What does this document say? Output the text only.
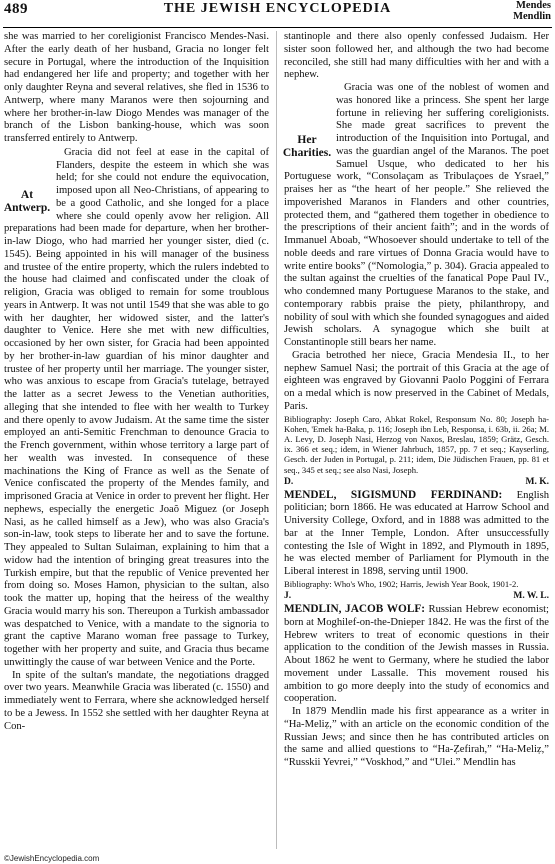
489	THE JEWISH ENCYCLOPEDIA	Mendes
Mendlin

she was married to her coreligionist Francisco Mendes-Nasi. After the early death of her husband, Gracia no longer felt secure in Portugal, where the introduction of the Inquisition had endangered her life and property; and together with her only daughter Reyna and several relatives, she fled in 1536 to Antwerp, where many Maranos were then sojourning and where her brother-in-law Diogo Mendes was manager of the branch of the Lisbon banking-house, which was soon transferred entirely to Antwerp.

At Antwerp.
Gracia did not feel at ease in the capital of Flanders, despite the esteem in which she was held; for she could not endure the equivocation, imposed upon all Neo-Christians, of appearing to be a good Catholic, and she longed for a place where she could openly avow her religion. All preparations had been made for departure, when her brother-in-law Diogo, who had married her younger sister, died (c. 1545). Being appointed in his will manager of the business and trustee of the entire property, which the rulers indebted to the house had claimed and confiscated under the cloak of religion, Gracia was obliged to remain for some troublous years in Antwerp. It was not until 1549 that she was able to go with her daughter, her widowed sister, and the latter's daughter to Venice. Here she met with new difficulties, occasioned by her own sister, for Gracia had been appointed by her brother-in-law guardian of his minor daughter and trustee of her property until her marriage. The younger sister, who was anxious to escape from Gracia's tutelage, betrayed the latter as a secret Jewess to the Venetian authorities, alleging that she intended to flee with her wealth to Turkey and there openly to avow Judaism. At the same time the sister employed an anti-Semitic Frenchman to denounce Gracia to the French government, within whose territory a large part of her wealth was invested. In consequence of these machinations the King of France as well as the Senate of Venice confiscated the property of the Mendes family, and imprisoned Gracia at Venice in order to prevent her flight. Her nephews, especially the energetic Joaõ Miguez (or Joseph Nasi, as he called himself as a Jew), who was also Gracia's son-in-law, took steps to liberate her and to save the fortune. They appealed to Sultan Sulaiman, explaining to him that a widow had the intention of bringing great treasures into the Turkish empire, but that the republic of Venice prevented her from doing so. Moses Hamon, physician to the sultan, also took the matter up, hoping that the heiress of the wealthy Gracia would marry his son. Thereupon a Turkish ambassador was despatched to Venice, with a mandate to the signoria to grant the captive Marano woman free passage to Turkey, together with her property and suite, and Gracia thus became unwittingly the cause of war between Venice and the Porte.

In spite of the sultan's mandate, the negotiations dragged over two years. Meanwhile Gracia was liberated (c. 1550) and immediately went to Ferrara, where she acknowledged herself to be a Jewess. In 1552 she settled with her daughter Reyna at Con-

stantinople and there also openly confessed Judaism. Her sister soon followed her, and although the two had become reconciled, she still had many difficulties with her and with a nephew.

Her Charities.
Gracia was one of the noblest of women and was honored like a princess. She spent her large fortune in relieving her suffering coreligionists. She made great sacrifices to prevent the introduction of the Inquisition into Portugal, and was the guardian angel of the Maranos. The poet Samuel Usque, who dedicated to her his Portuguese work, “Consolaçam as Tribulaçoes de Ysrael,” praises her as “the heart of her people.” She relieved the impoverished Maranos in Flanders and other countries, protected them, and “gathered them together in obedience to the prescriptions of their ancient faith”; and in the words of Immanuel Aboab, “Whosoever should undertake to tell of the noble deeds and rare virtues of Donna Gracia would have to write entire books” (“Nomologia,” p. 304). Gracia appealed to the sultan against the cruelties of the fanatical Pope Paul IV., who condemned many Portuguese Maranos to the stake, and contemporary rabbis praise the piety, philanthropy, and nobility of soul with which she founded synagogues and aided Jewish scholars. A synagogue which she built at Constantinople still bears her name.

Gracia betrothed her niece, Gracia Mendesia II., to her nephew Samuel Nasi; the portrait of this Gracia at the age of eighteen was engraved by Giovanni Paolo Poggini of Ferrara on a medal which is now preserved in the Cabinet of Medals, Paris.

Bibliography: Joseph Caro, Abkat Rokel, Responsum No. 80; Joseph ha-Kohen, 'Emek ha-Baka, p. 116; Joseph ibn Leb, Responsa, i. 63b, ii. 26a; M. A. Levy, D. Joseph Nasi, Herzog von Naxos, Breslau, 1859; Grätz, Gesch. ix. 366 et seq.; idem, in Wiener Jahrbuch, 1857, pp. 7 et seq.; Kayserling, Gesch. der Juden in Portugal, p. 211; idem, Die Jüdischen Frauen, pp. 81 et seq., 345 et seq.; see also Nasi, Joseph.

D.	M. K.

MENDEL, SIGISMUND FERDINAND: English politician; born 1866. He was educated at Harrow School and University College, Oxford, and in 1888 was admitted to the bar at the Inner Temple, London. After unsuccessfully contesting the Isle of Wight in 1892, and Plymouth in 1895, he was elected member of Parliament for Plymouth in the Liberal interest in 1898, serving until 1900.

Bibliography: Who's Who, 1902; Harris, Jewish Year Book, 1901-2.

J.	M. W. L.

MENDLIN, JACOB WOLF: Russian Hebrew economist; born at Moghilef-on-the-Dnieper 1842. He was the first of the Hebrew writers to treat of economic questions in their application to the condition of the Jewish masses in Russia. About 1862 he went to Germany, where he studied the labor movement under Lassalle. This movement roused his ambition to go more deeply into the study of economics and cooperation.

In 1879 Mendlin made his first appearance as a writer in “Ha-Meliẓ,” with an article on the economic condition of the Russian Jews; and since then he has contributed articles on the same and allied questions to “Ha-Ẓefirah,” “Ha-Meliẓ,” “Russkii Yevrei,” “Voskhod,” and “Ulei.” Mendlin has

©JewishEncyclopedia.com
